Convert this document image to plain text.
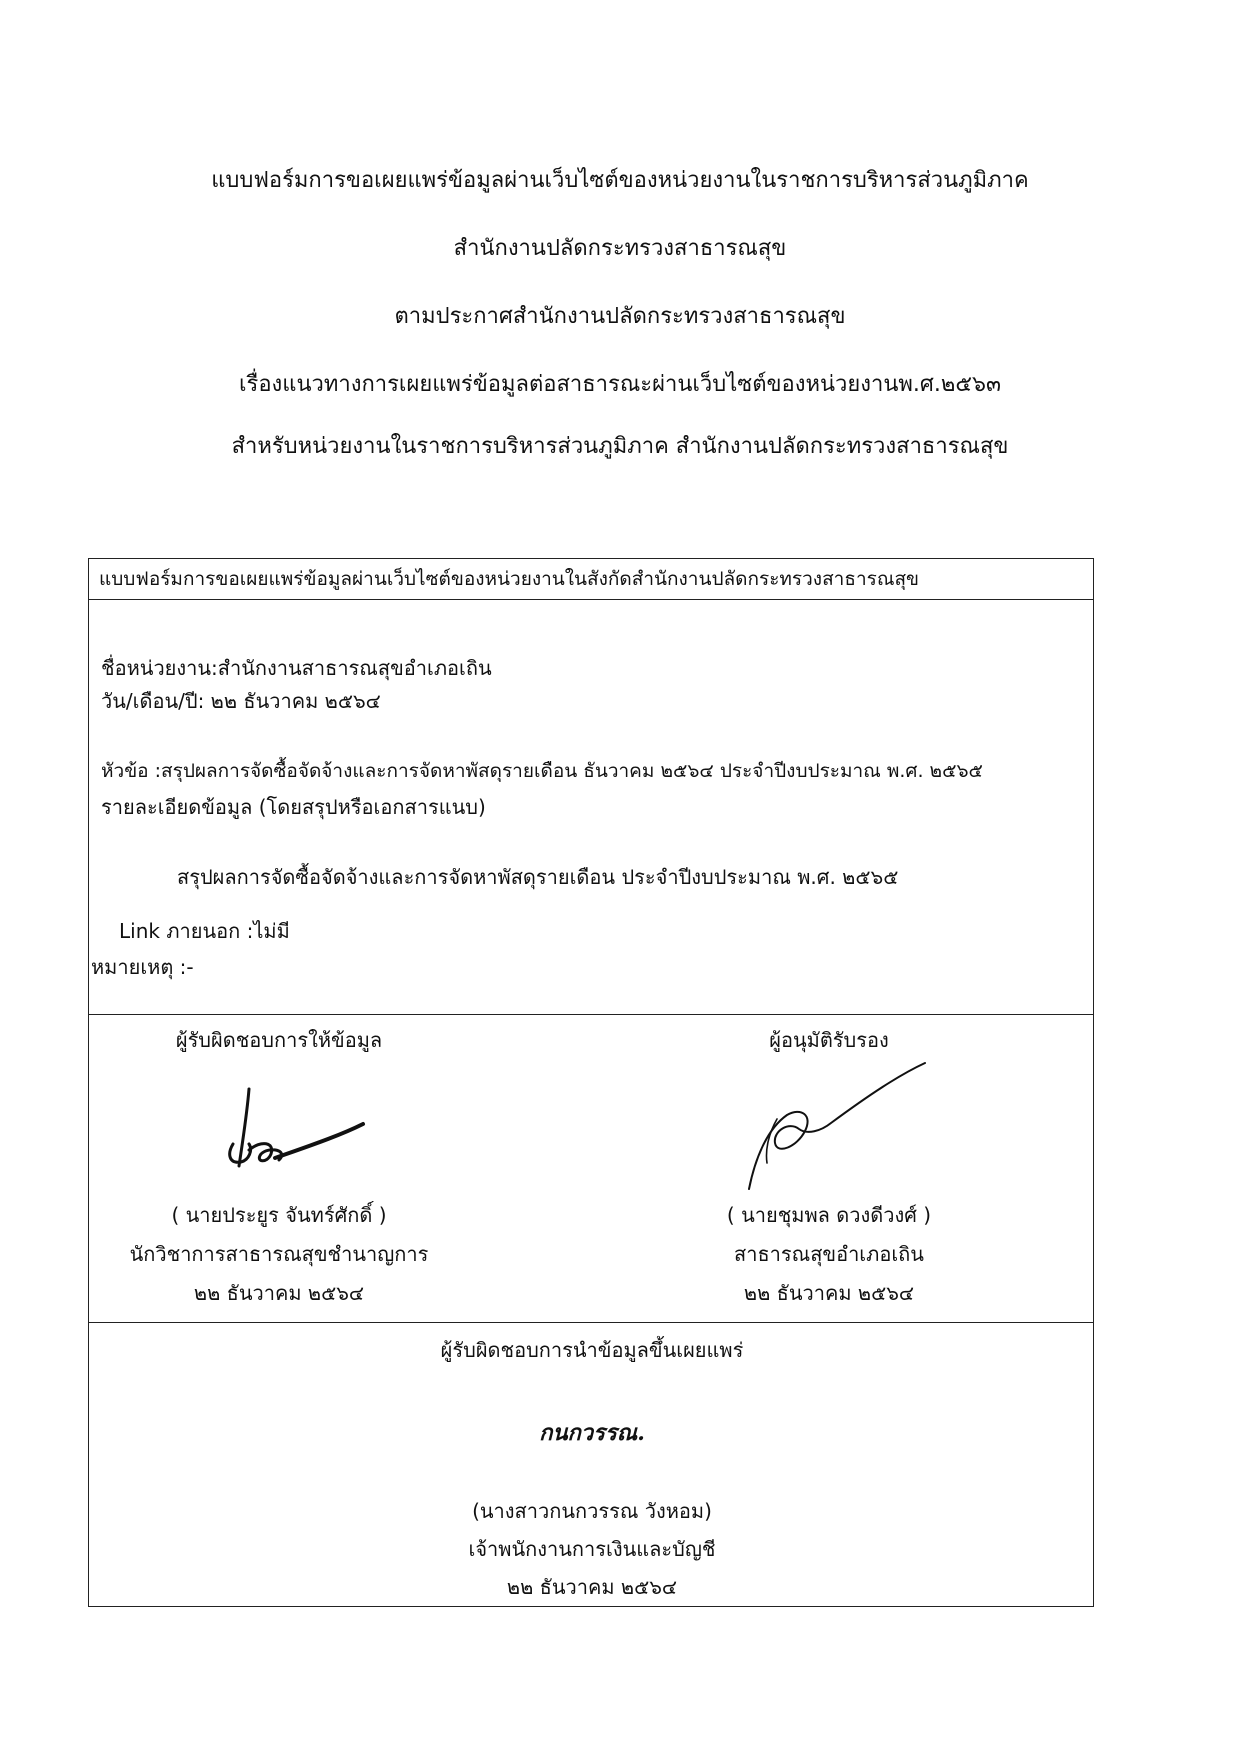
แบบฟอร์มการขอเผยแพร่ข้อมูลผ่านเว็บไซต์ของหน่วยงานในราชการบริหารส่วนภูมิภาค
สำนักงานปลัดกระทรวงสาธารณสุข
ตามประกาศสำนักงานปลัดกระทรวงสาธารณสุข
เรื่องแนวทางการเผยแพร่ข้อมูลต่อสาธารณะผ่านเว็บไซต์ของหน่วยงานพ.ศ.๒๕๖๓
สำหรับหน่วยงานในราชการบริหารส่วนภูมิภาค สำนักงานปลัดกระทรวงสาธารณสุข
แบบฟอร์มการขอเผยแพร่ข้อมูลผ่านเว็บไซต์ของหน่วยงานในสังกัดสำนักงานปลัดกระทรวงสาธารณสุข
ชื่อหน่วยงาน:สำนักงานสาธารณสุขอำเภอเถิน
วัน/เดือน/ปี: ๒๒ ธันวาคม ๒๕๖๔
หัวข้อ :สรุปผลการจัดซื้อจัดจ้างและการจัดหาพัสดุรายเดือน ธันวาคม ๒๕๖๔ ประจำปีงบประมาณ พ.ศ. ๒๕๖๕
รายละเอียดข้อมูล (โดยสรุปหรือเอกสารแนบ)
สรุปผลการจัดซื้อจัดจ้างและการจัดหาพัสดุรายเดือน ประจำปีงบประมาณ พ.ศ. ๒๕๖๕
Link ภายนอก :ไม่มี
หมายเหตุ :-
ผู้รับผิดชอบการให้ข้อมูล
( นายประยูร จันทร์ศักดิ์ )
นักวิชาการสาธารณสุขชำนาญการ
๒๒ ธันวาคม ๒๕๖๔
ผู้อนุมัติรับรอง
( นายชุมพล ดวงดีวงศ์ )
สาธารณสุขอำเภอเถิน
๒๒ ธันวาคม ๒๕๖๔
ผู้รับผิดชอบการนำข้อมูลขึ้นเผยแพร่
กนกวรรณ.
(นางสาวกนกวรรณ วังหอม)
เจ้าพนักงานการเงินและบัญชี
๒๒ ธันวาคม ๒๕๖๔
